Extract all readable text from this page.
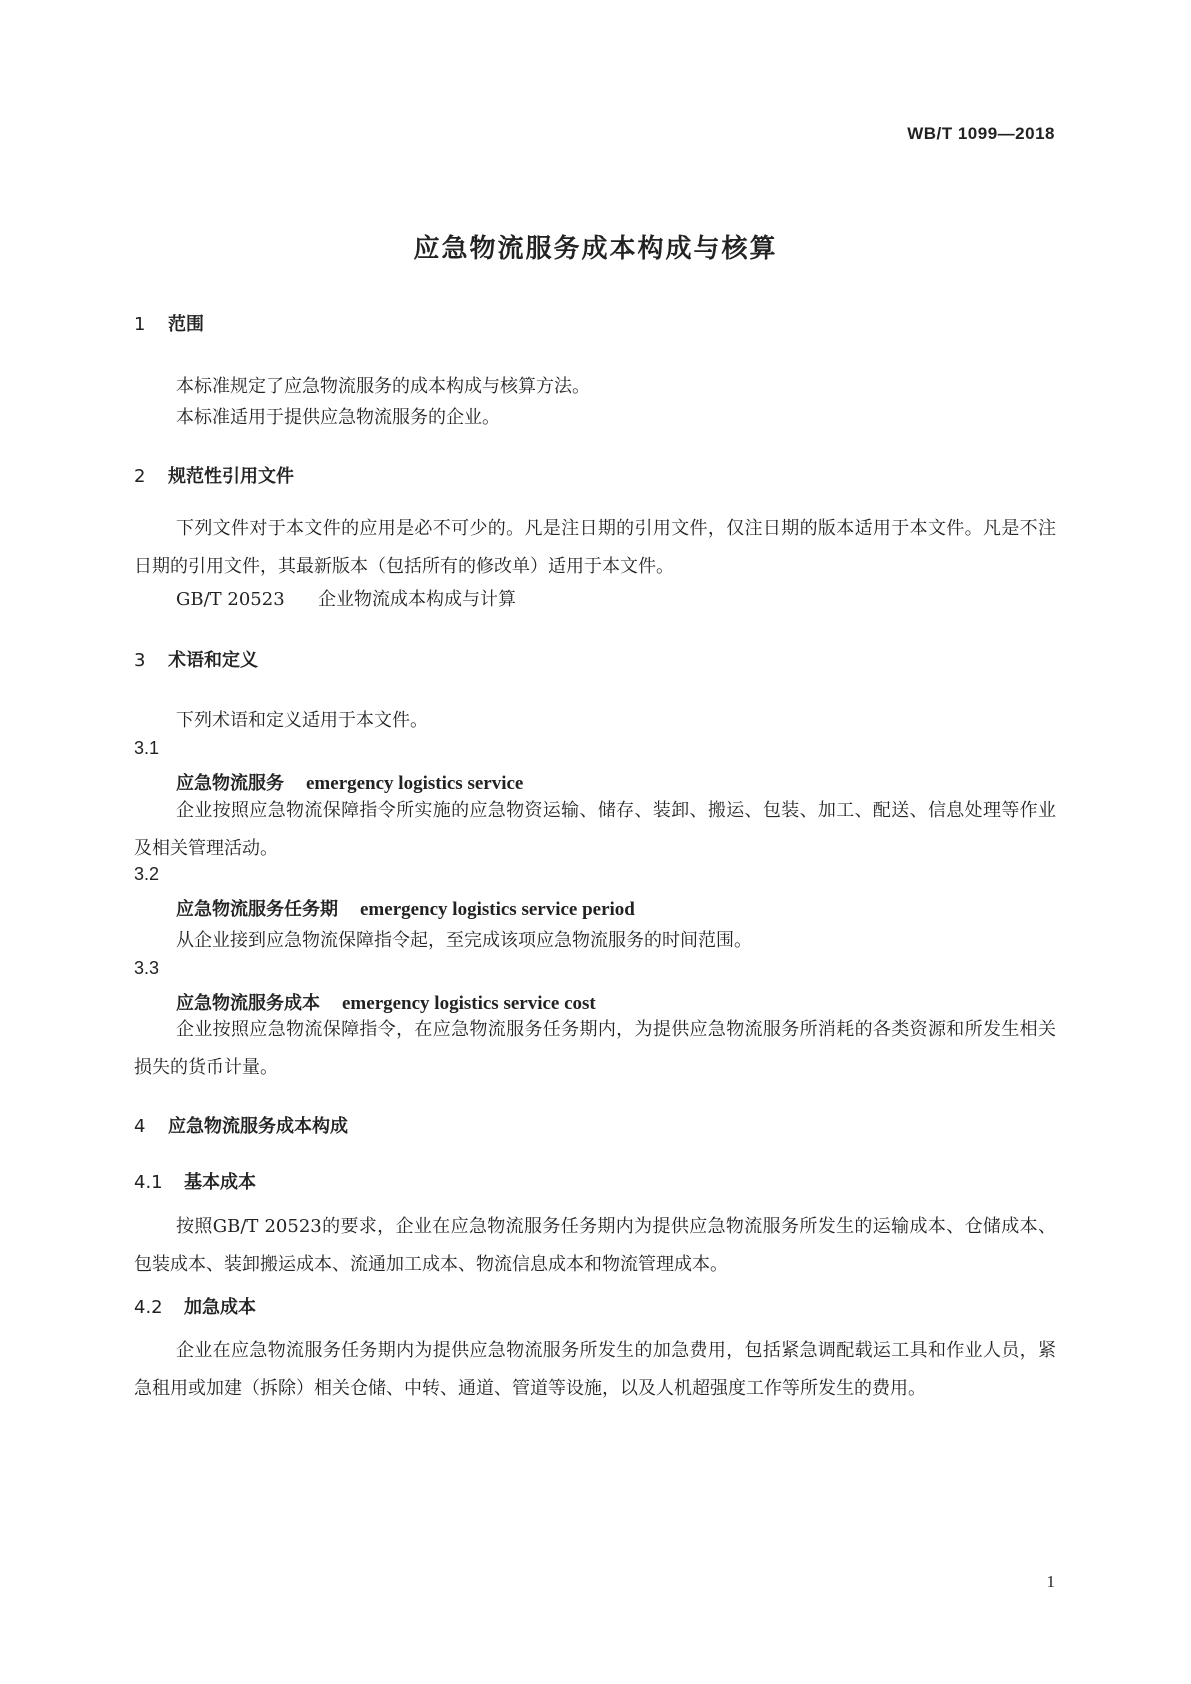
WB/T 1099—2018
应急物流服务成本构成与核算
1 范围
本标准规定了应急物流服务的成本构成与核算方法。
本标准适用于提供应急物流服务的企业。
2 规范性引用文件
下列文件对于本文件的应用是必不可少的。凡是注日期的引用文件，仅注日期的版本适用于本文件。凡是不注日期的引用文件，其最新版本（包括所有的修改单）适用于本文件。
GB/T 20523 企业物流成本构成与计算
3 术语和定义
下列术语和定义适用于本文件。
3.1
应急物流服务 emergency logistics service
企业按照应急物流保障指令所实施的应急物资运输、储存、装卸、搬运、包装、加工、配送、信息处理等作业及相关管理活动。
3.2
应急物流服务任务期 emergency logistics service period
从企业接到应急物流保障指令起，至完成该项应急物流服务的时间范围。
3.3
应急物流服务成本 emergency logistics service cost
企业按照应急物流保障指令，在应急物流服务任务期内，为提供应急物流服务所消耗的各类资源和所发生相关损失的货币计量。
4 应急物流服务成本构成
4.1 基本成本
按照GB/T 20523的要求，企业在应急物流服务任务期内为提供应急物流服务所发生的运输成本、仓储成本、包装成本、装卸搬运成本、流通加工成本、物流信息成本和物流管理成本。
4.2 加急成本
企业在应急物流服务任务期内为提供应急物流服务所发生的加急费用，包括紧急调配载运工具和作业人员，紧急租用或加建（拆除）相关仓储、中转、通道、管道等设施，以及人机超强度工作等所发生的费用。
1
